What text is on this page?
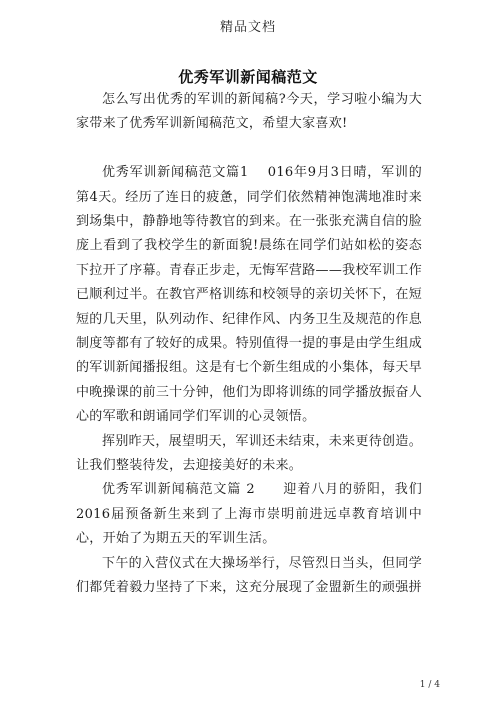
精品文档
优秀军训新闻稿范文

怎么写出优秀的军训的新闻稿?今天，学习啦小编为大家带来了优秀军训新闻稿范文，希望大家喜欢!

优秀军训新闻稿范文篇1　 016年9月3日晴，军训的第4天。经历了连日的疲惫，同学们依然精神饱满地准时来到场集中，静静地等待教官的到来。在一张张充满自信的脸庞上看到了我校学生的新面貌!晨练在同学们站如松的姿态下拉开了序幕。青春正步走，无悔军营路——我校军训工作已顺利过半。在教官严格训练和校领导的亲切关怀下，在短短的几天里，队列动作、纪律作风、内务卫生及规范的作息制度等都有了较好的成果。特别值得一提的事是由学生组成的军训新闻播报组。这是有七个新生组成的小集体，每天早中晚操课的前三十分钟，他们为即将训练的同学播放振奋人心的军歌和朗诵同学们军训的心灵领悟。

挥别昨天，展望明天，军训还未结束，未来更待创造。让我们整装待发，去迎接美好的未来。

优秀军训新闻稿范文篇 2　　迎着八月的骄阳，我们2016届预备新生来到了上海市崇明前进远卓教育培训中心，开始了为期五天的军训生活。

下午的入营仪式在大操场举行，尽管烈日当头，但同学们都凭着毅力坚持了下来，这充分展现了金盟新生的顽强拼

1 / 4
